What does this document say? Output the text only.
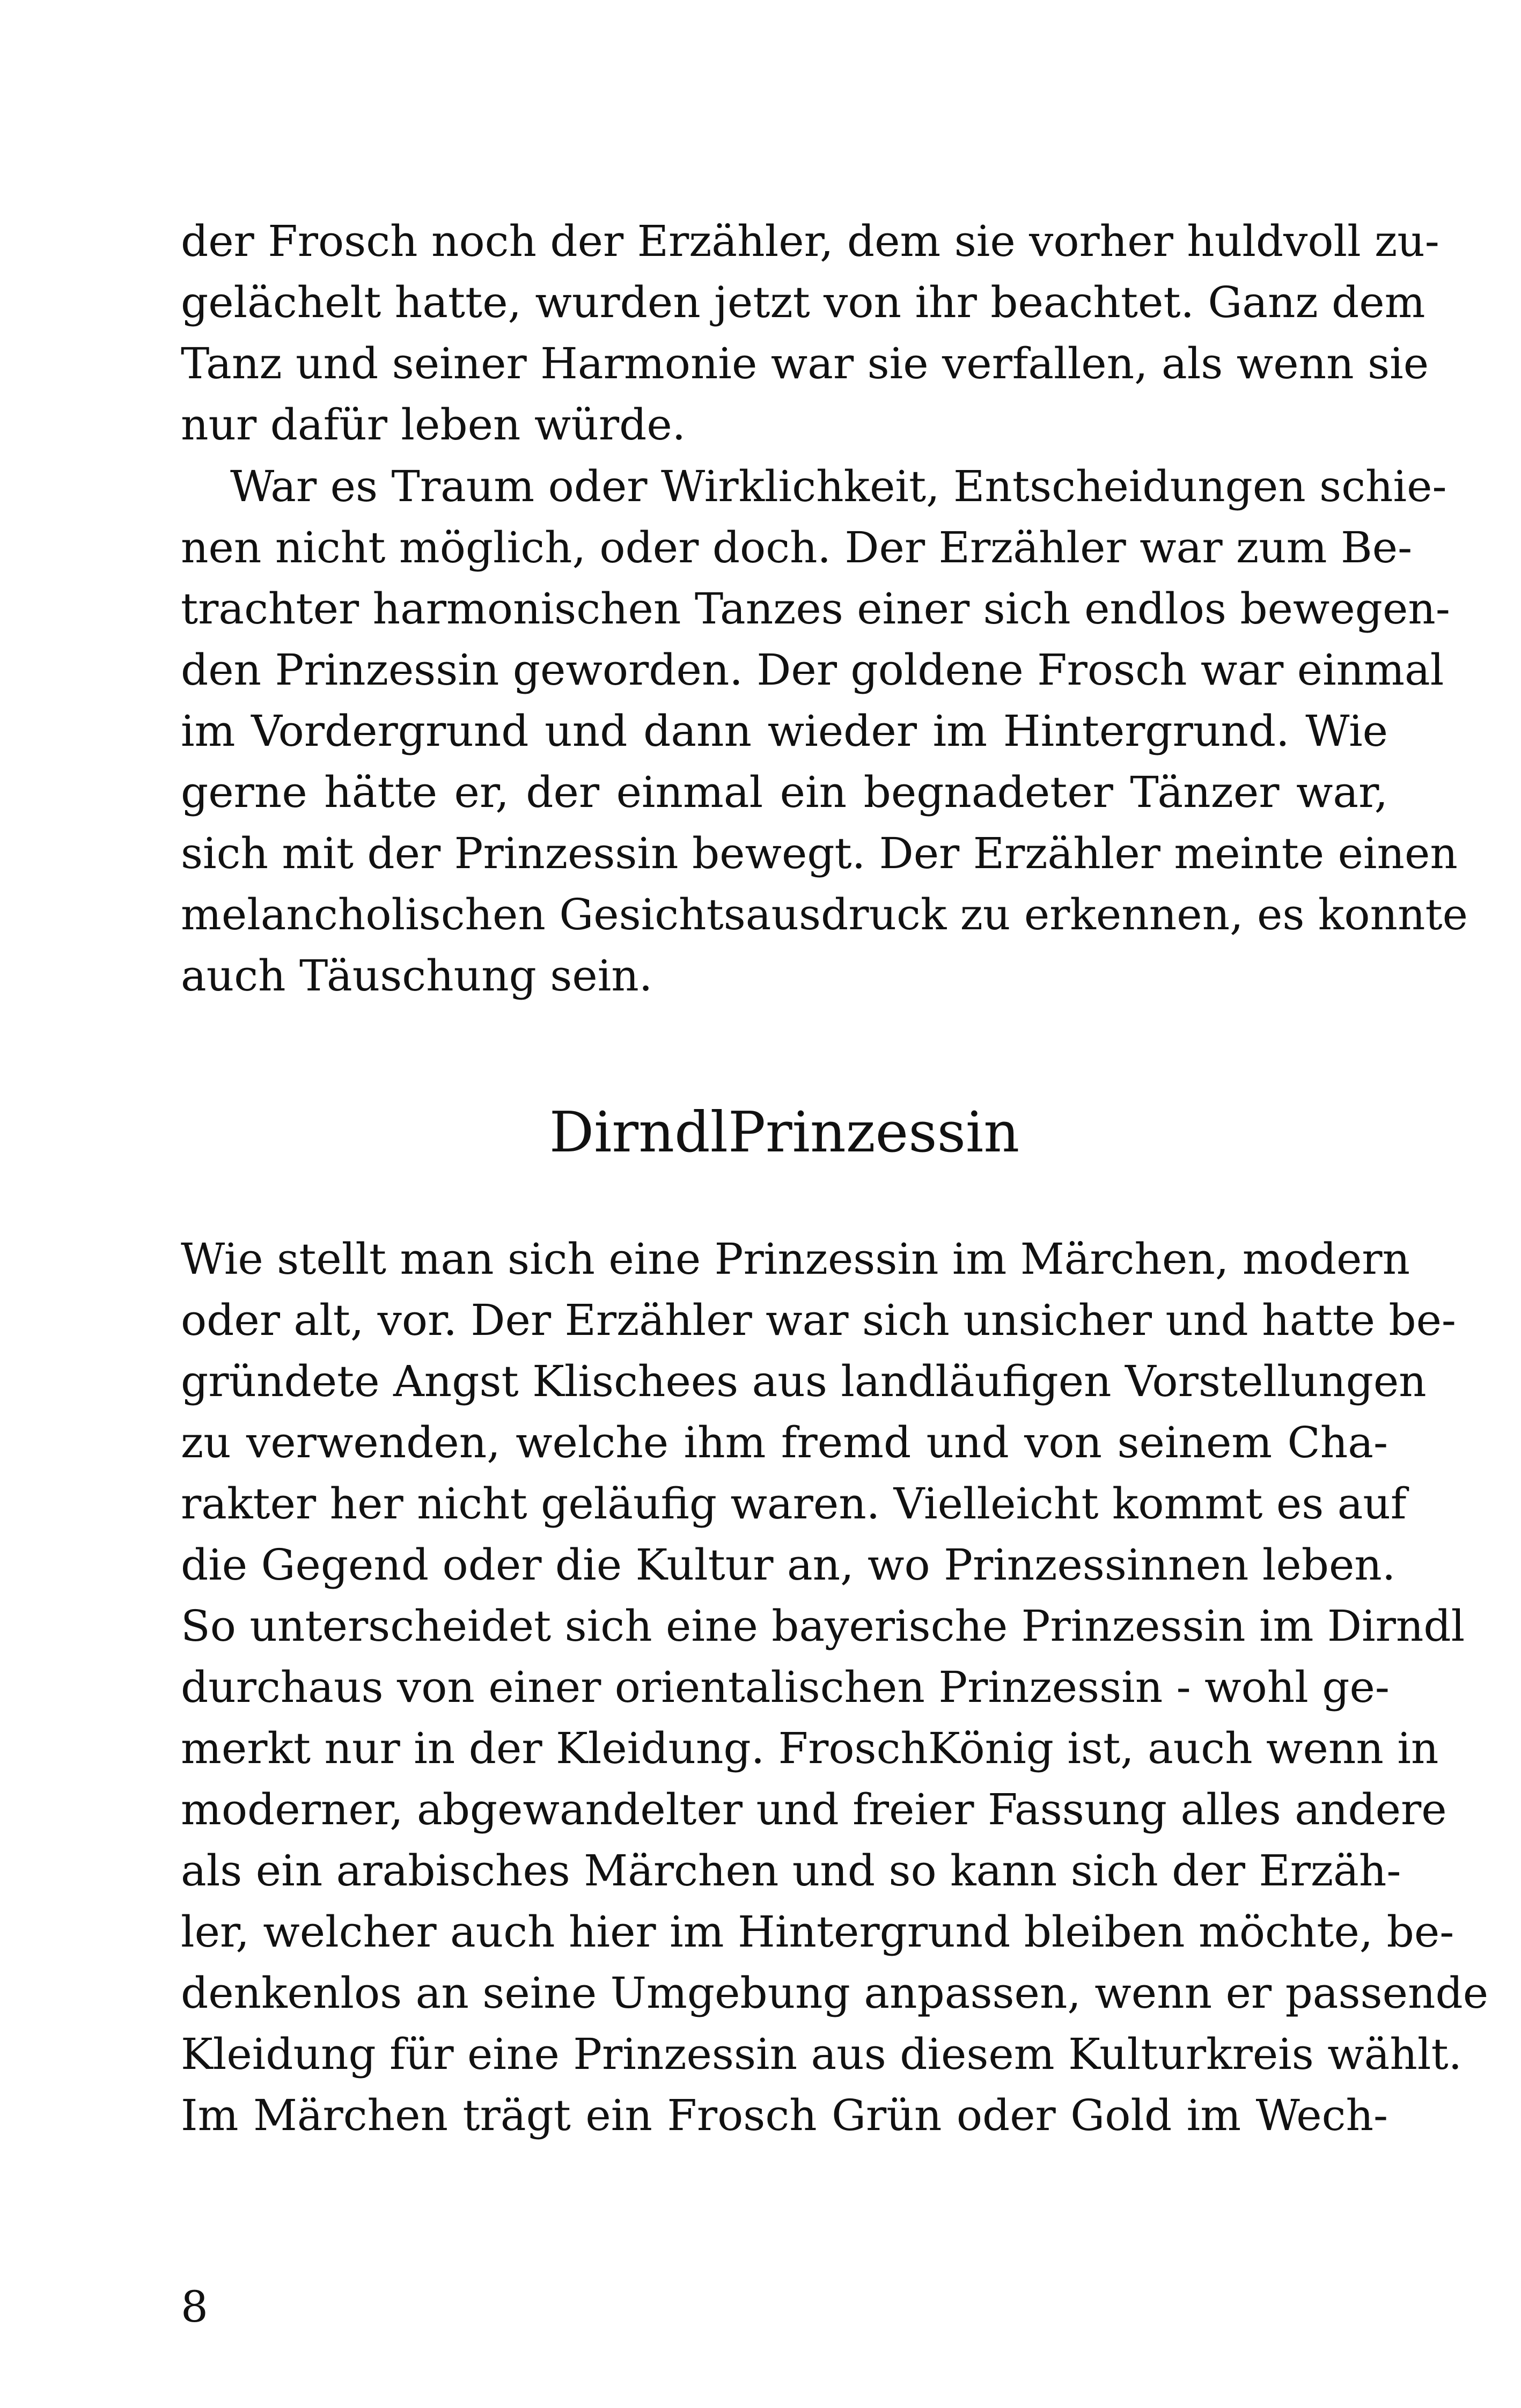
der Frosch noch der Erzähler, dem sie vorher huldvoll zu-
gelächelt hatte, wurden jetzt von ihr beachtet. Ganz dem
Tanz und seiner Harmonie war sie verfallen, als wenn sie
nur dafür leben würde.
War es Traum oder Wirklichkeit, Entscheidungen schie-
nen nicht möglich, oder doch. Der Erzähler war zum Be-
trachter harmonischen Tanzes einer sich endlos bewegen-
den Prinzessin geworden. Der goldene Frosch war einmal
im Vordergrund und dann wieder im Hintergrund. Wie
gerne hätte er, der einmal ein begnadeter Tänzer war,
sich mit der Prinzessin bewegt. Der Erzähler meinte einen
melancholischen Gesichtsausdruck zu erkennen, es konnte
auch Täuschung sein.
DirndlPrinzessin
Wie stellt man sich eine Prinzessin im Märchen, modern
oder alt, vor. Der Erzähler war sich unsicher und hatte be-
gründete Angst Klischees aus landläufigen Vorstellungen
zu verwenden, welche ihm fremd und von seinem Cha-
rakter her nicht geläufig waren. Vielleicht kommt es auf
die Gegend oder die Kultur an, wo Prinzessinnen leben.
So unterscheidet sich eine bayerische Prinzessin im Dirndl
durchaus von einer orientalischen Prinzessin - wohl ge-
merkt nur in der Kleidung. FroschKönig ist, auch wenn in
moderner, abgewandelter und freier Fassung alles andere
als ein arabisches Märchen und so kann sich der Erzäh-
ler, welcher auch hier im Hintergrund bleiben möchte, be-
denkenlos an seine Umgebung anpassen, wenn er passende
Kleidung für eine Prinzessin aus diesem Kulturkreis wählt.
Im Märchen trägt ein Frosch Grün oder Gold im Wech-
8
